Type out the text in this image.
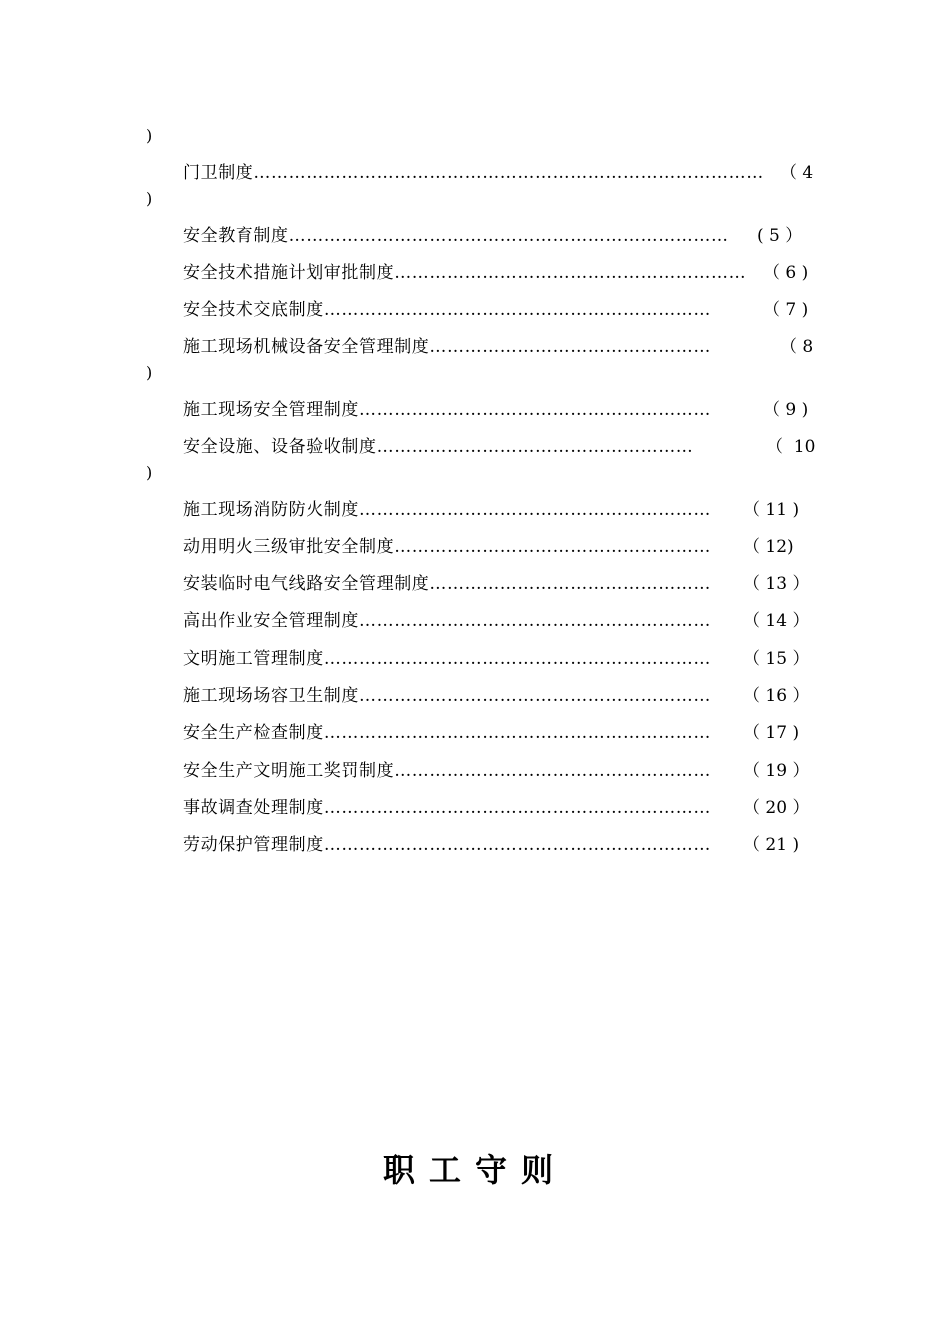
)
门卫制度…………………………………………………………………………… （ 4
)
安全教育制度………………………………………………………………… ( 5 ）
安全技术措施计划审批制度…………………………………………………… （ 6 )
安全技术交底制度…………………………………………………………	（ 7 )
施工现场机械设备安全管理制度…………………………………………	（ 8
)
施工现场安全管理制度……………………………………………………	（ 9 )
安全设施、设备验收制度………………………………………………	（  10
)
施工现场消防防火制度…………………………………………………… （ 11 )
动用明火三级审批安全制度……………………………………………… （ 12)
安装临时电气线路安全管理制度………………………………………… （ 13 ）
高出作业安全管理制度…………………………………………………… （ 14 ）
文明施工管理制度………………………………………………………… （ 15 ）
施工现场场容卫生制度…………………………………………………… （ 16 ）
安全生产检查制度………………………………………………………… （ 17 )
安全生产文明施工奖罚制度……………………………………………… （ 19 ）
事故调查处理制度………………………………………………………… （ 20 ）
劳动保护管理制度………………………………………………………… （ 21 )
职工守则
